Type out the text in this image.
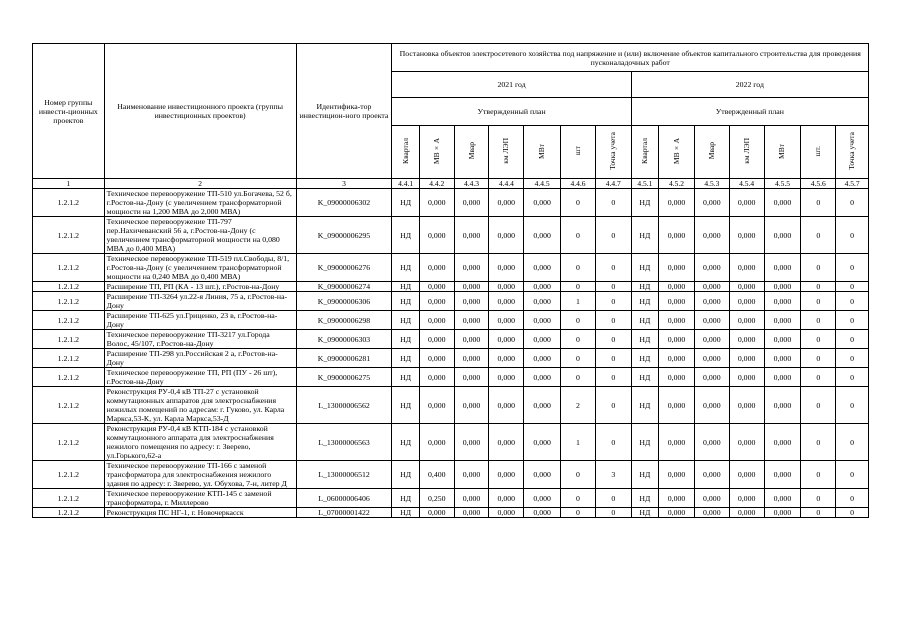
Номер группы инвести-ционных проектов	Наименование инвестиционного проекта (группы инвестиционных проектов)	Идентифика-тор инвестицион-ного проекта	Постановка объектов электросетевого хозяйства под напряжение и (или) включение объектов капитального строительства для проведения пусконаладочных работ													
			2021 год							2022 год						
			Утвержденный план							Утвержденный план						
			Квартал	МВ×А	Мвар	км ЛЭП	МВт	шт	Точка учета	Квартал	МВ×А	Мвар	км ЛЭП	МВт	шт.	Точка учета
1	2	3	4.4.1	4.4.2	4.4.3	4.4.4	4.4.5	4.4.6	4.4.7	4.5.1	4.5.2	4.5.3	4.5.4	4.5.5	4.5.6	4.5.7
1.2.1.2	Техническое перевооружение ТП-510 ул.Богачева, 52 б, г.Ростов-на-Дону (с увеличением трансформаторной мощности на 1,200 МВА до 2,000 МВА)	K_09000006302	НД	0,000	0,000	0,000	0,000	0	0	НД	0,000	0,000	0,000	0,000	0	0
1.2.1.2	Техническое перевооружение ТП-797 пер.Нахичеванский 56 а, г.Ростов-на-Дону (с увеличением трансформаторной мощности на 0,080 МВА до 0,400 МВА)	K_09000006295	НД	0,000	0,000	0,000	0,000	0	0	НД	0,000	0,000	0,000	0,000	0	0
1.2.1.2	Техническое перевооружение ТП-519 пл.Свободы, 8/1, г.Ростов-на-Дону (с увеличением трансформаторной мощности на 0,240 МВА до 0,400 МВА)	K_09000006276	НД	0,000	0,000	0,000	0,000	0	0	НД	0,000	0,000	0,000	0,000	0	0
1.2.1.2	Расширение ТП, РП (КА - 13 шт.), г.Ростов-на-Дону	K_09000006274	НД	0,000	0,000	0,000	0,000	0	0	НД	0,000	0,000	0,000	0,000	0	0
1.2.1.2	Расширение ТП-3264 ул.22-я Линия, 75 а, г.Ростов-на-Дону	K_09000006306	НД	0,000	0,000	0,000	0,000	1	0	НД	0,000	0,000	0,000	0,000	0	0
1.2.1.2	Расширение ТП-625 ул.Гриценко, 23 в, г.Ростов-на-Дону	K_09000006298	НД	0,000	0,000	0,000	0,000	0	0	НД	0,000	0,000	0,000	0,000	0	0
1.2.1.2	Техническое перевооружение ТП-3217 ул.Города Волос, 45/107, г.Ростов-на-Дону	K_09000006303	НД	0,000	0,000	0,000	0,000	0	0	НД	0,000	0,000	0,000	0,000	0	0
1.2.1.2	Расширение ТП-298 ул.Российская 2 а, г.Ростов-на-Дону	K_09000006281	НД	0,000	0,000	0,000	0,000	0	0	НД	0,000	0,000	0,000	0,000	0	0
1.2.1.2	Техническое перевооружение ТП, РП (ПУ - 26 шт), г.Ростов-на-Дону	K_09000006275	НД	0,000	0,000	0,000	0,000	0	0	НД	0,000	0,000	0,000	0,000	0	0
1.2.1.2	Реконструкция РУ-0,4 кВ ТП-27 с установкой коммутационных аппаратов для электроснабжения нежилых помещений по адресам: г. Гуково, ул. Карла Маркса,53-К, ул. Карла Маркса,53-Д	L_13000006562	НД	0,000	0,000	0,000	0,000	2	0	НД	0,000	0,000	0,000	0,000	0	0
1.2.1.2	Реконструкция РУ-0,4 кВ КТП-184 с установкой коммутационного аппарата для электроснабжения нежилого помещения по адресу: г. Зверево, ул.Горького,62-а	L_13000006563	НД	0,000	0,000	0,000	0,000	1	0	НД	0,000	0,000	0,000	0,000	0	0
1.2.1.2	Техническое перевооружение ТП-166 с заменой трансформатора для электроснабжения нежилого здания по адресу: г. Зверево, ул. Обухова, 7-н, литер Д	L_13000006512	НД	0,400	0,000	0,000	0,000	0	3	НД	0,000	0,000	0,000	0,000	0	0
1.2.1.2	Техническое перевооружение КТП-145 с заменой трансформатора, г. Миллерово	L_06000006406	НД	0,250	0,000	0,000	0,000	0	0	НД	0,000	0,000	0,000	0,000	0	0
1.2.1.2	Реконструкция ПС НГ-1, г. Новочеркасск	L_07000001422	НД	0,000	0,000	0,000	0,000	0	0	НД	0,000	0,000	0,000	0,000	0	0
